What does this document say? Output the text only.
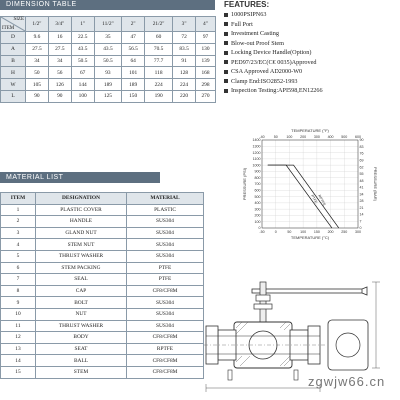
DIMENSION TABLE
SIZE
ITEM	1/2"	3/4"	1"	11/2"	2"	21/2"	3"	4"
D	9.6	16	22.5	35	47	60	72	97
A	27.5	27.5	43.5	43.5	56.5	70.5	83.5	130
B	34	34	50.5	50.5	64	77.7	91	139
H	50	56	67	93	101	118	128	168
W	105	126	144	189	189	224	224	298
L	90	90	100	125	150	190	220	270
FEATURES:
1000PSIPN63
Full Port
Investment Casting
Blow-out Proof Stem
Locking Device Handle(Option)
PED97/23/EC(C€ 0035)Approved
CSA Approved AD2000-W0
Clamp End:ISO2852-1993
Inspection Testing:API598,EN12266
MATERIAL LIST
ITEM	DESIGNATION	MATERIAL
1	PLASTIC COVER	PLASTIC
2	HANDLE	SUS304
3	GLAND NUT	SUS304
4	STEM NUT	SUS304
5	THRUST WASHER	SUS304
6	STEM PACKING	PTFE
7	SEAL	PTFE
8	CAP	CF8/CF8M
9	BOLT	SUS304
10	NUT	SUS304
11	THRUST WASHER	SUS304
12	BODY	CF8/CF8M
13	SEAT	RPTFE
14	BALL	CF8/CF8M
15	STEM	CF8/CF8M
0
100
200
300
400
500
600
700
800
900
1000
1100
1200
1300
1400
0
7
14
21
28
34
41
48
55
62
69
76
83
90
-50	0	50 100 150 200 250 300
-40	50 100 200 300 400 500 600
TEMPERATURE (°F)
TEMPERATURE (°C)
PRESSURE (PSI)	PRESSURE (BAR)
RPTFE
PTFE
zgwjw66.cn
